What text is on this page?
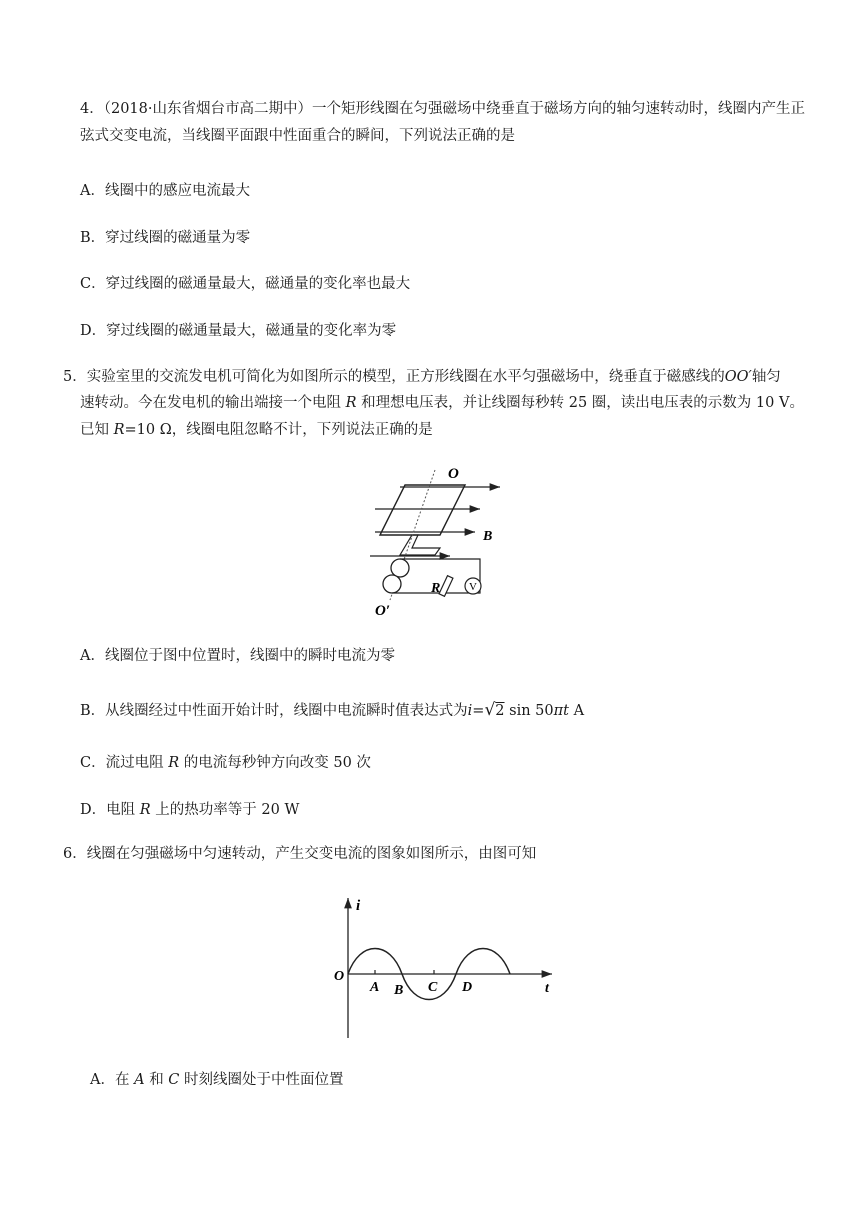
4．（2018·山东省烟台市高二期中）一个矩形线圈在匀强磁场中绕垂直于磁场方向的轴匀速转动时，线圈内产生正
弦式交变电流，当线圈平面跟中性面重合的瞬间，下列说法正确的是
A．线圈中的感应电流最大
B．穿过线圈的磁通量为零
C．穿过线圈的磁通量最大，磁通量的变化率也最大
D．穿过线圈的磁通量最大，磁通量的变化率为零
5．实验室里的交流发电机可简化为如图所示的模型，正方形线圈在水平匀强磁场中，绕垂直于磁感线的OO′轴匀
速转动。今在发电机的输出端接一个电阻 R 和理想电压表，并让线圈每秒转 25 圈，读出电压表的示数为 10 V。
已知 R=10 Ω，线圈电阻忽略不计，下列说法正确的是
V
O
B
R
O′
A．线圈位于图中位置时，线圈中的瞬时电流为零
B．从线圈经过中性面开始计时，线圈中电流瞬时值表达式为i=√2 sin 50πt A
C．流过电阻 R 的电流每秒钟方向改变 50 次
D．电阻 R 上的热功率等于 20 W
6．线圈在匀强磁场中匀速转动，产生交变电流的图象如图所示，由图可知
i
t
O
A B C D
A．在 A 和 C 时刻线圈处于中性面位置
